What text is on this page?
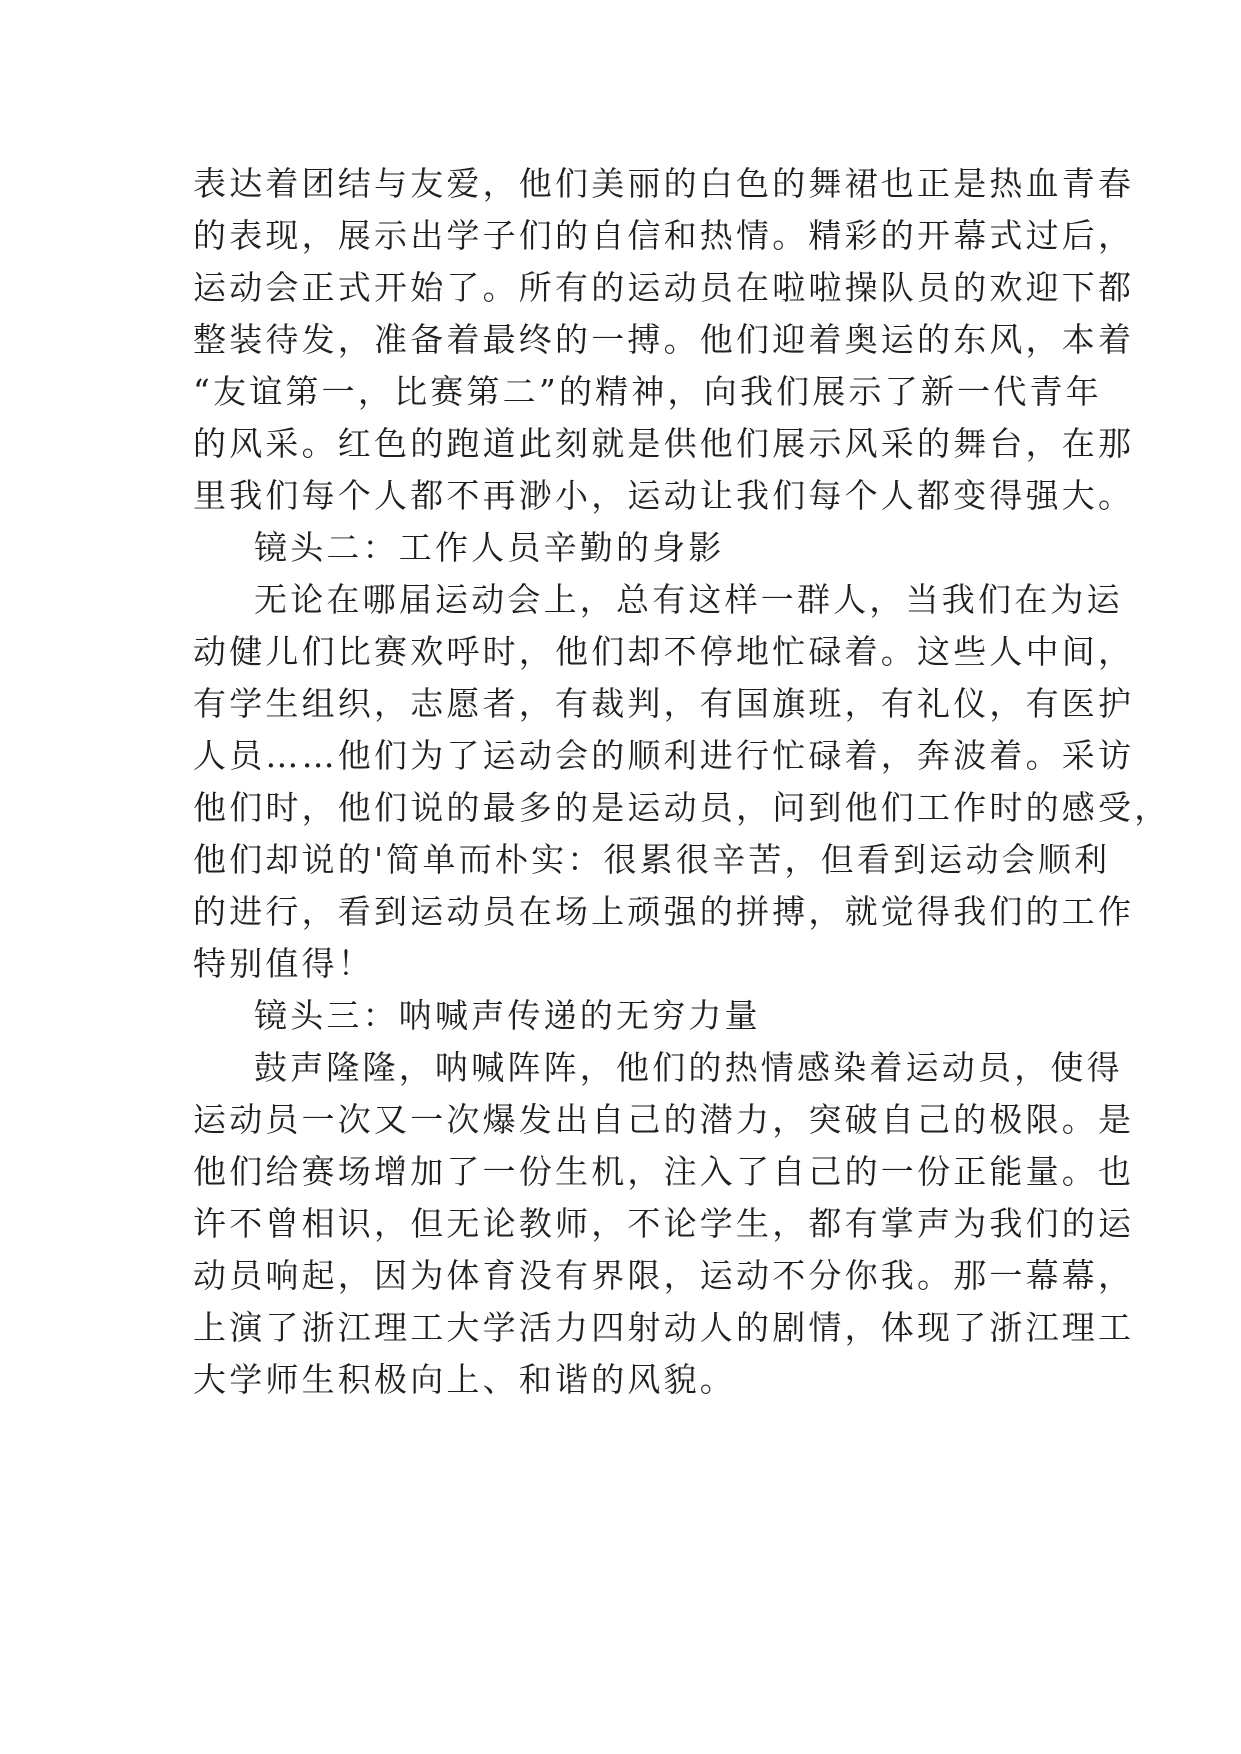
表达着团结与友爱，他们美丽的白色的舞裙也正是热血青春

的表现，展示出学子们的自信和热情。精彩的开幕式过后，

运动会正式开始了。所有的运动员在啦啦操队员的欢迎下都

整装待发，准备着最终的一搏。他们迎着奥运的东风，本着

“友谊第一，比赛第二”的精神，向我们展示了新一代青年

的风采。红色的跑道此刻就是供他们展示风采的舞台，在那

里我们每个人都不再渺小，运动让我们每个人都变得强大。

镜头二：工作人员辛勤的身影

无论在哪届运动会上，总有这样一群人，当我们在为运

动健儿们比赛欢呼时，他们却不停地忙碌着。这些人中间，

有学生组织，志愿者，有裁判，有国旗班，有礼仪，有医护

人员……他们为了运动会的顺利进行忙碌着，奔波着。采访

他们时，他们说的最多的是运动员，问到他们工作时的感受，

他们却说的'简单而朴实：很累很辛苦，但看到运动会顺利

的进行，看到运动员在场上顽强的拼搏，就觉得我们的工作

特别值得！

镜头三：呐喊声传递的无穷力量

鼓声隆隆，呐喊阵阵，他们的热情感染着运动员，使得

运动员一次又一次爆发出自己的潜力，突破自己的极限。是

他们给赛场增加了一份生机，注入了自己的一份正能量。也

许不曾相识，但无论教师，不论学生，都有掌声为我们的运

动员响起，因为体育没有界限，运动不分你我。那一幕幕，

上演了浙江理工大学活力四射动人的剧情，体现了浙江理工

大学师生积极向上、和谐的风貌。
